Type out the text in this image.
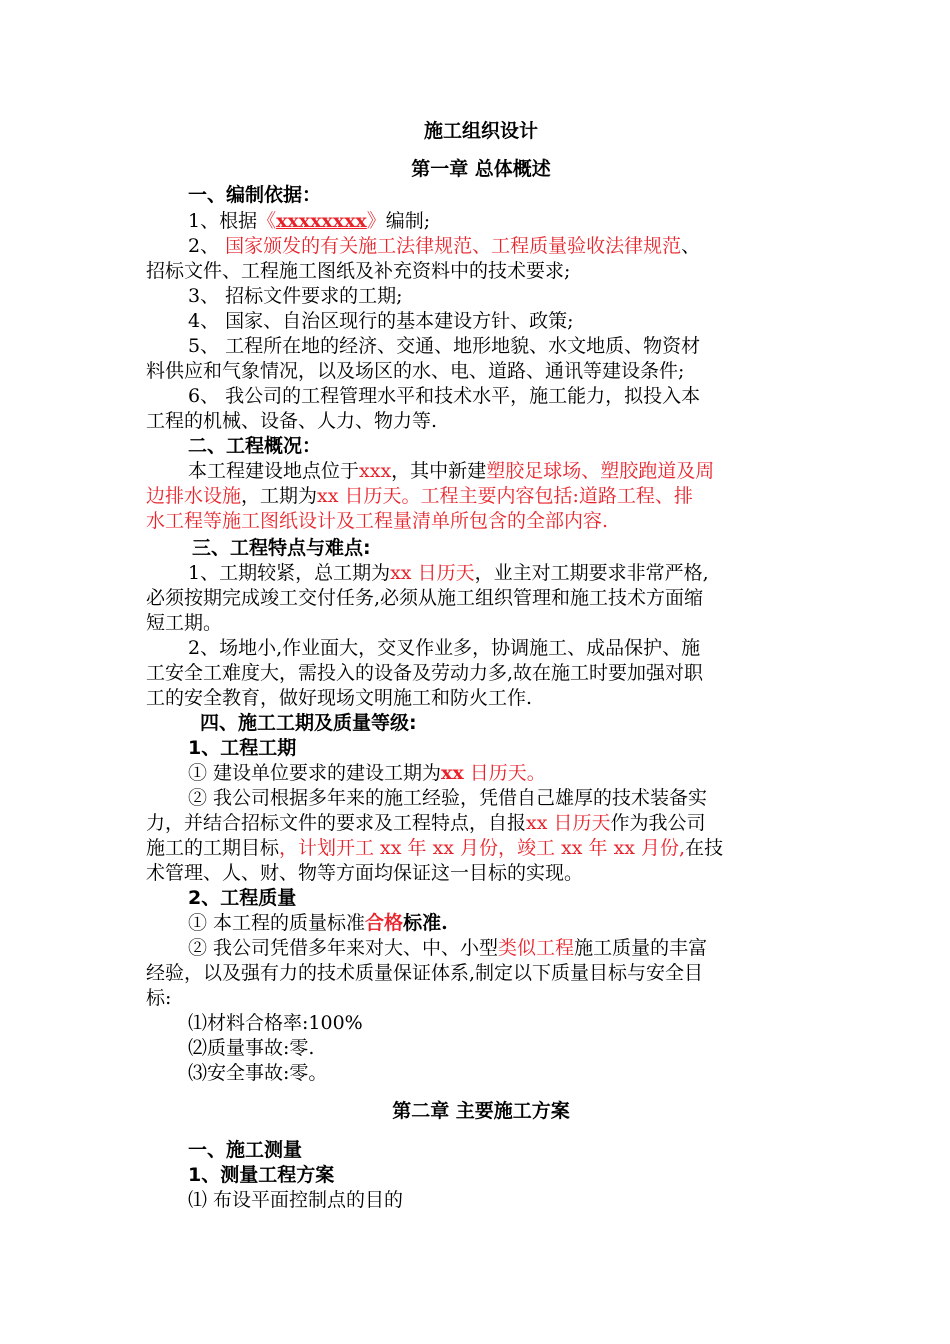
施工组织设计
第一章 总体概述
一、编制依据：
1、根据《xxxxxxxx》编制;
2、 国家颁发的有关施工法律规范、工程质量验收法律规范、
招标文件、工程施工图纸及补充资料中的技术要求;
3、 招标文件要求的工期;
4、 国家、自治区现行的基本建设方针、政策;
5、 工程所在地的经济、交通、地形地貌、水文地质、物资材
料供应和气象情况，以及场区的水、电、道路、通讯等建设条件;
6、 我公司的工程管理水平和技术水平，施工能力，拟投入本
工程的机械、设备、人力、物力等.
二、工程概况：
本工程建设地点位于xxx，其中新建塑胶足球场、塑胶跑道及周
边排水设施，工期为xx 日历天。工程主要内容包括:道路工程、排
水工程等施工图纸设计及工程量清单所包含的全部内容.
三、工程特点与难点:
1、工期较紧，总工期为xx 日历天，业主对工期要求非常严格,
必须按期完成竣工交付任务,必须从施工组织管理和施工技术方面缩
短工期。
2、场地小,作业面大，交叉作业多，协调施工、成品保护、施
工安全工难度大，需投入的设备及劳动力多,故在施工时要加强对职
工的安全教育，做好现场文明施工和防火工作.
四、施工工期及质量等级:
1、工程工期
① 建设单位要求的建设工期为xx 日历天。
② 我公司根据多年来的施工经验，凭借自己雄厚的技术装备实
力，并结合招标文件的要求及工程特点，自报xx 日历天作为我公司
施工的工期目标，计划开工 xx 年 xx 月份，竣工 xx 年 xx 月份,在技
术管理、人、财、物等方面均保证这一目标的实现。
2、工程质量
① 本工程的质量标准合格标准.
② 我公司凭借多年来对大、中、小型类似工程施工质量的丰富
经验，以及强有力的技术质量保证体系,制定以下质量目标与安全目
标:
⑴材料合格率:100%
⑵质量事故:零.
⑶安全事故:零。
第二章 主要施工方案
一、施工测量
1、测量工程方案
⑴ 布设平面控制点的目的
